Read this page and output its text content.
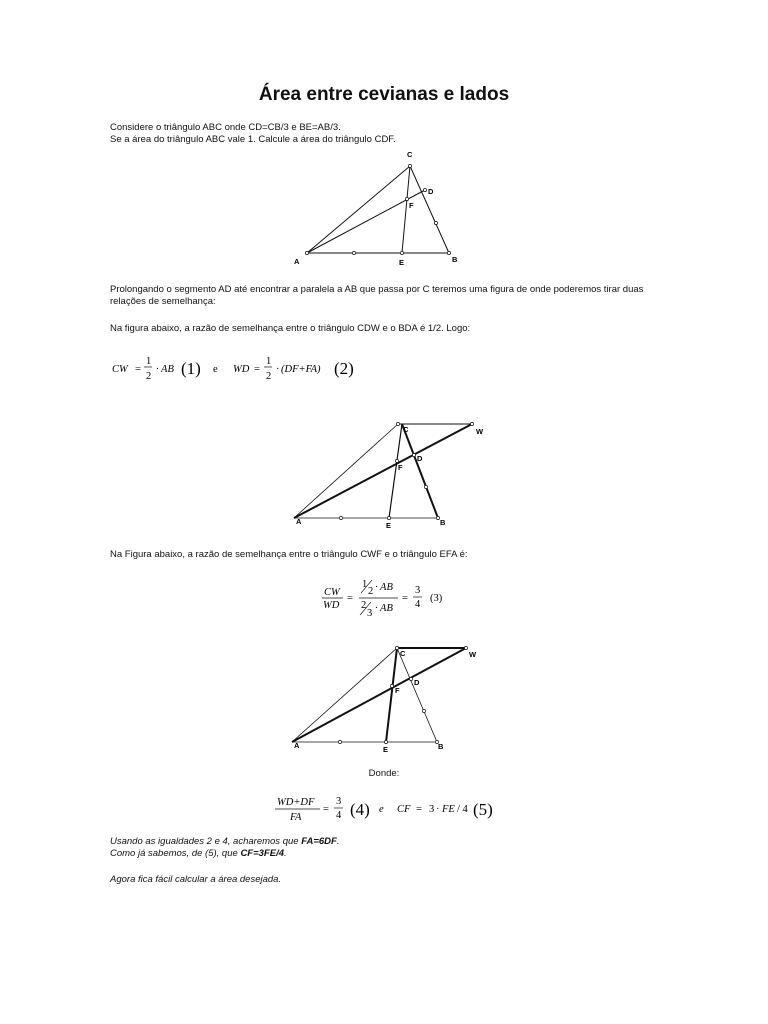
Área entre cevianas e lados

Considere o triângulo ABC onde CD=CB/3 e BE=AB/3.
Se a área do triângulo ABC vale 1. Calcule a área do triângulo CDF.

A	E	B
C
D
F

Prolongando o segmento AD até encontrar a paralela a AB que passa por C teremos uma figura de onde poderemos tirar duas relações de semelhança:

Na figura abaixo, a razão de semelhança entre o triângulo CDW e o BDA é 1/2. Logo:

CW =
1
2
· AB (1) e WD =
1
2
· (DF+FA) (2)
A	E	B
C	W
D
F

Na Figura abaixo, a razão de semelhança entre o triângulo CWF e o triângulo EFA é:

CW
WD
=
1
2 · AB
2
3 · AB
=
3
4
(3)
A	E	B
C	W
D
F
Donde:
WD+DF
FA
=
3
4 (4) e CF = 3 · FE / 4 (5)

Usando as igualdades 2 e 4, acharemos que FA=6DF.
Como já sabemos, de (5), que CF=3FE/4.

Agora fica fácil calcular a área desejada.
